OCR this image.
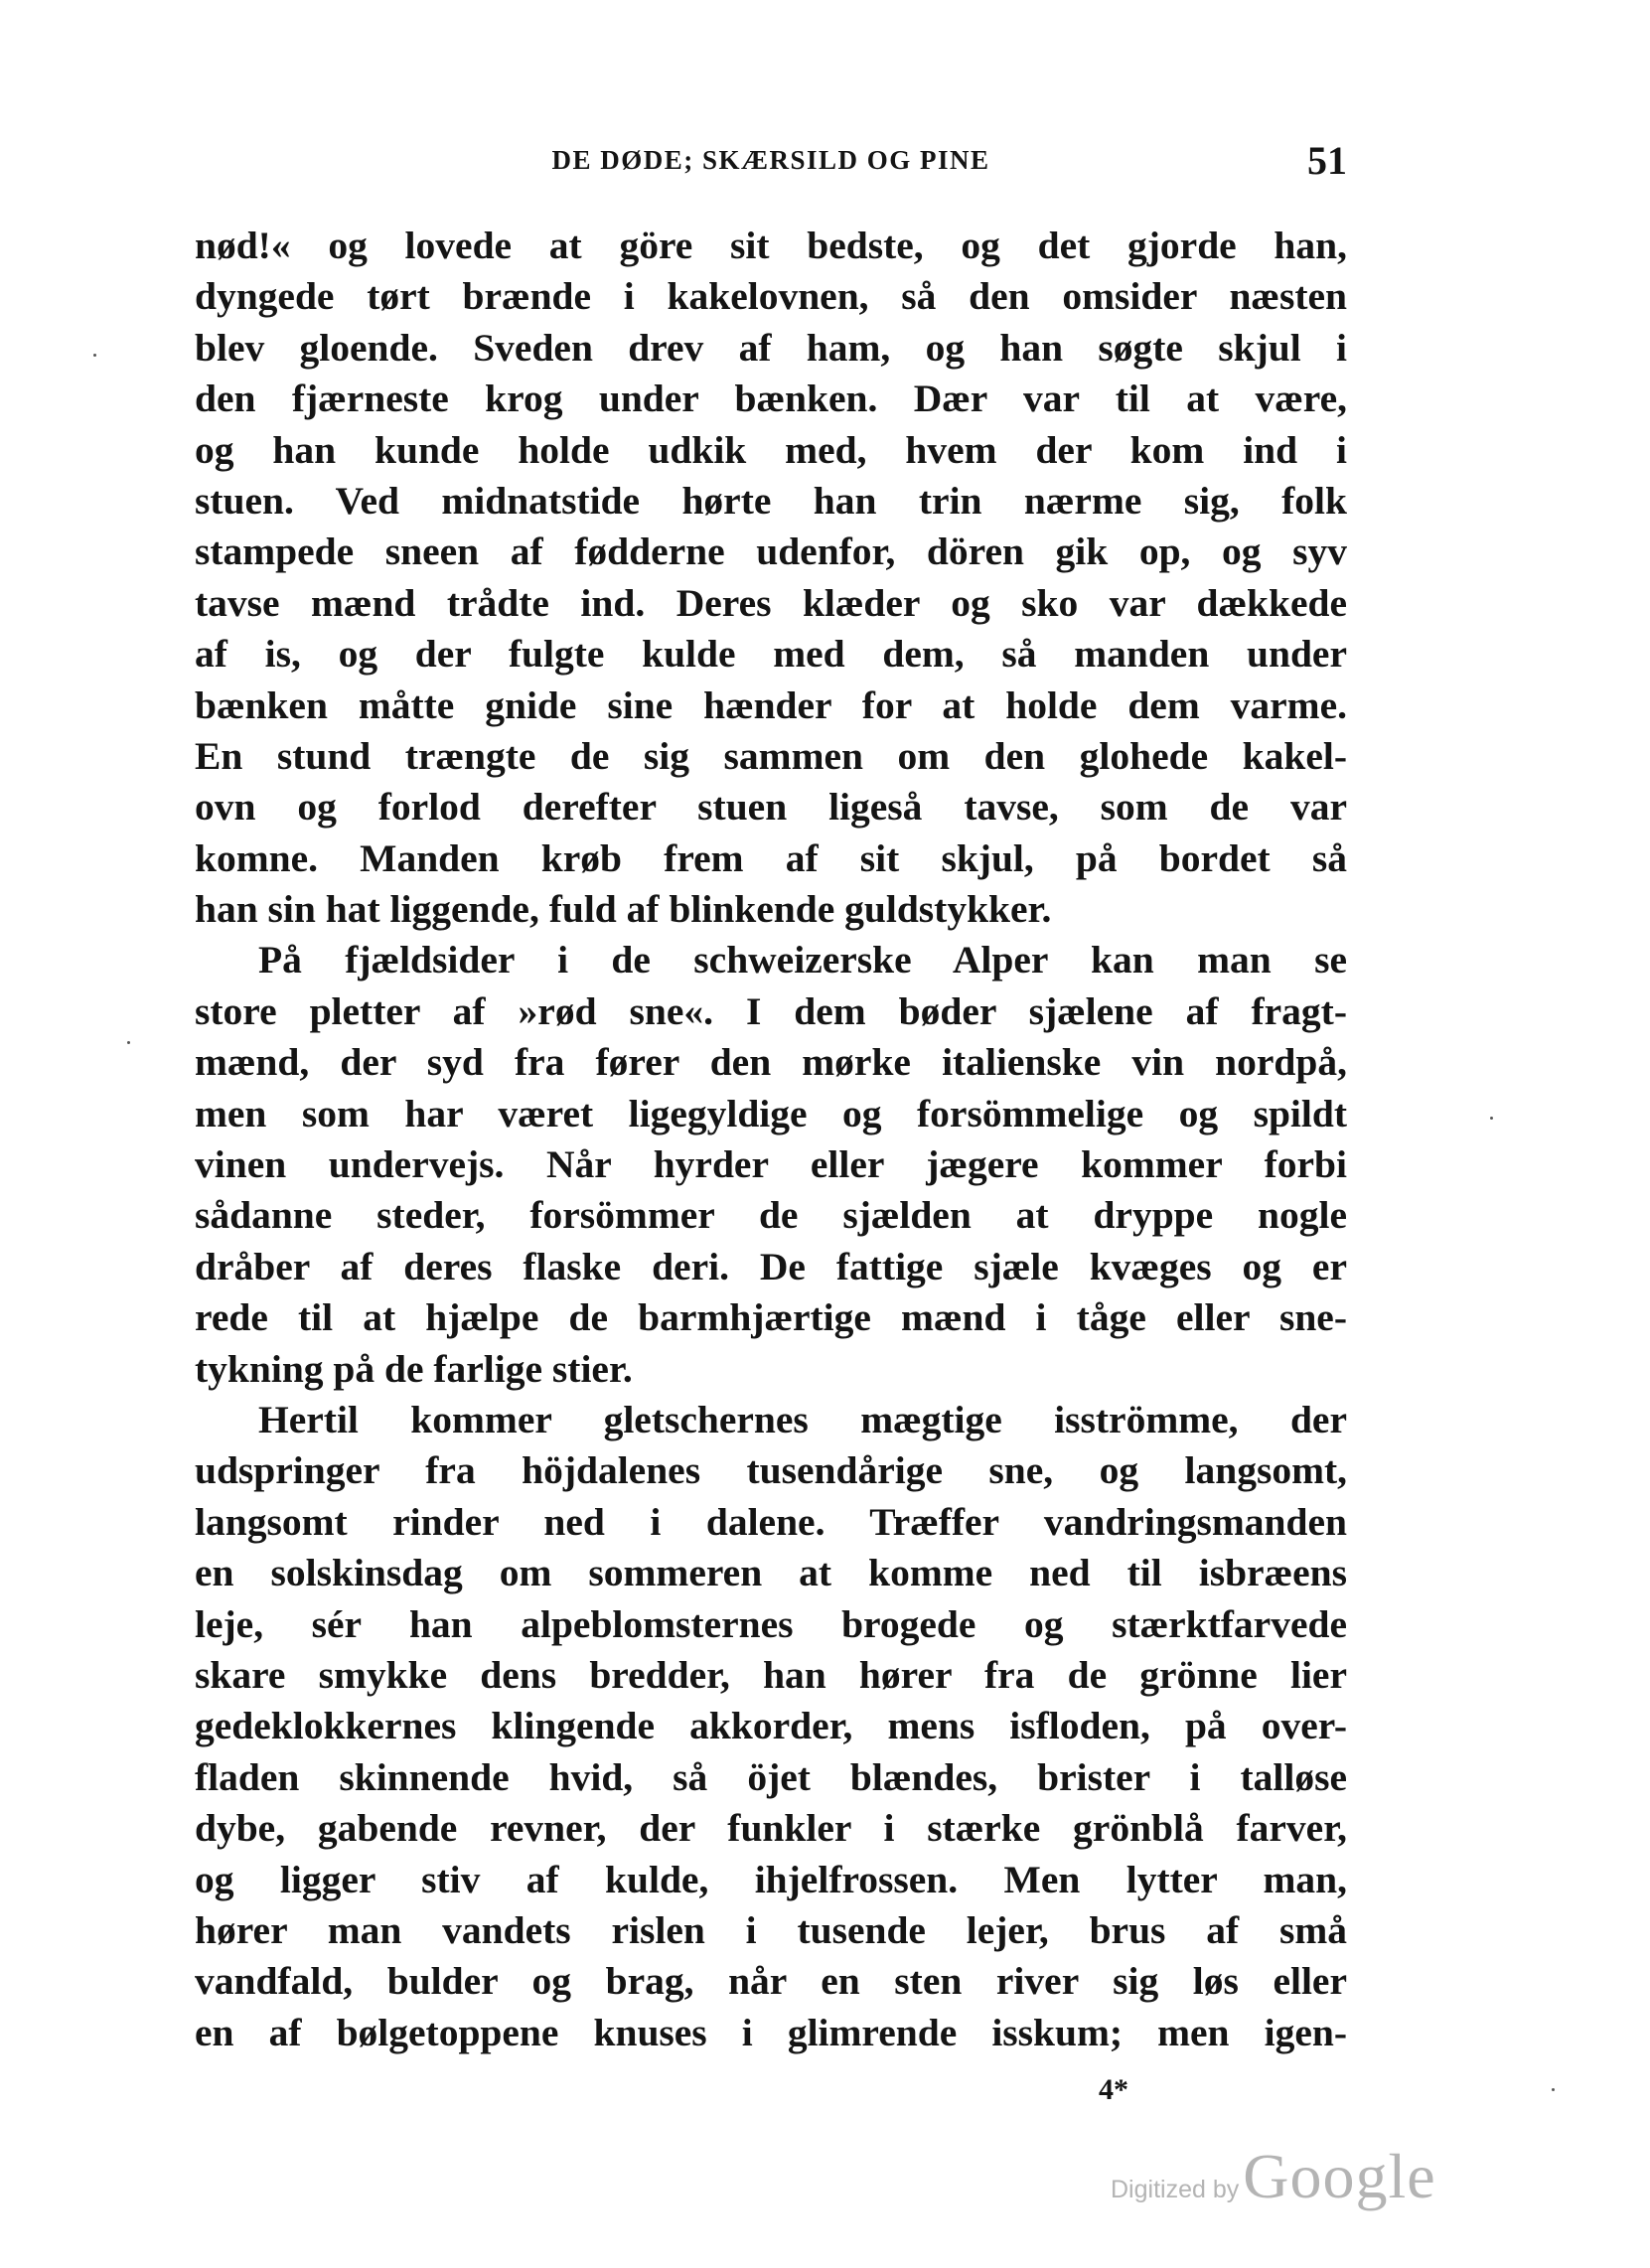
DE DØDE; SKÆRSILD OG PINE	51
nød!« og lovede at göre sit bedste, og det gjorde han,
dyngede tørt brænde i kakelovnen, så den omsider næsten
blev gloende. Sveden drev af ham, og han søgte skjul i
den fjærneste krog under bænken. Dær var til at være,
og han kunde holde udkik med, hvem der kom ind i
stuen. Ved midnatstide hørte han trin nærme sig, folk
stampede sneen af fødderne udenfor, dören gik op, og syv
tavse mænd trådte ind. Deres klæder og sko var dækkede
af is, og der fulgte kulde med dem, så manden under
bænken måtte gnide sine hænder for at holde dem varme.
En stund trængte de sig sammen om den glohede kakel-
ovn og forlod derefter stuen ligeså tavse, som de var
komne. Manden krøb frem af sit skjul, på bordet så
han sin hat liggende, fuld af blinkende guldstykker.
På fjældsider i de schweizerske Alper kan man se
store pletter af »rød sne«. I dem bøder sjælene af fragt-
mænd, der syd fra fører den mørke italienske vin nordpå,
men som har været ligegyldige og forsömmelige og spildt
vinen undervejs. Når hyrder eller jægere kommer forbi
sådanne steder, forsömmer de sjælden at dryppe nogle
dråber af deres flaske deri. De fattige sjæle kvæges og er
rede til at hjælpe de barmhjærtige mænd i tåge eller sne-
tykning på de farlige stier.
Hertil kommer gletschernes mægtige isströmme, der
udspringer fra höjdalenes tusendårige sne, og langsomt,
langsomt rinder ned i dalene. Træffer vandringsmanden
en solskinsdag om sommeren at komme ned til isbræens
leje, sér han alpeblomsternes brogede og stærktfarvede
skare smykke dens bredder, han hører fra de grönne lier
gedeklokkernes klingende akkorder, mens isfloden, på over-
fladen skinnende hvid, så öjet blændes, brister i talløse
dybe, gabende revner, der funkler i stærke grönblå farver,
og ligger stiv af kulde, ihjelfrossen. Men lytter man,
hører man vandets rislen i tusende lejer, brus af små
vandfald, bulder og brag, når en sten river sig løs eller
en af bølgetoppene knuses i glimrende isskum; men igen-
4*
Digitized by Google
